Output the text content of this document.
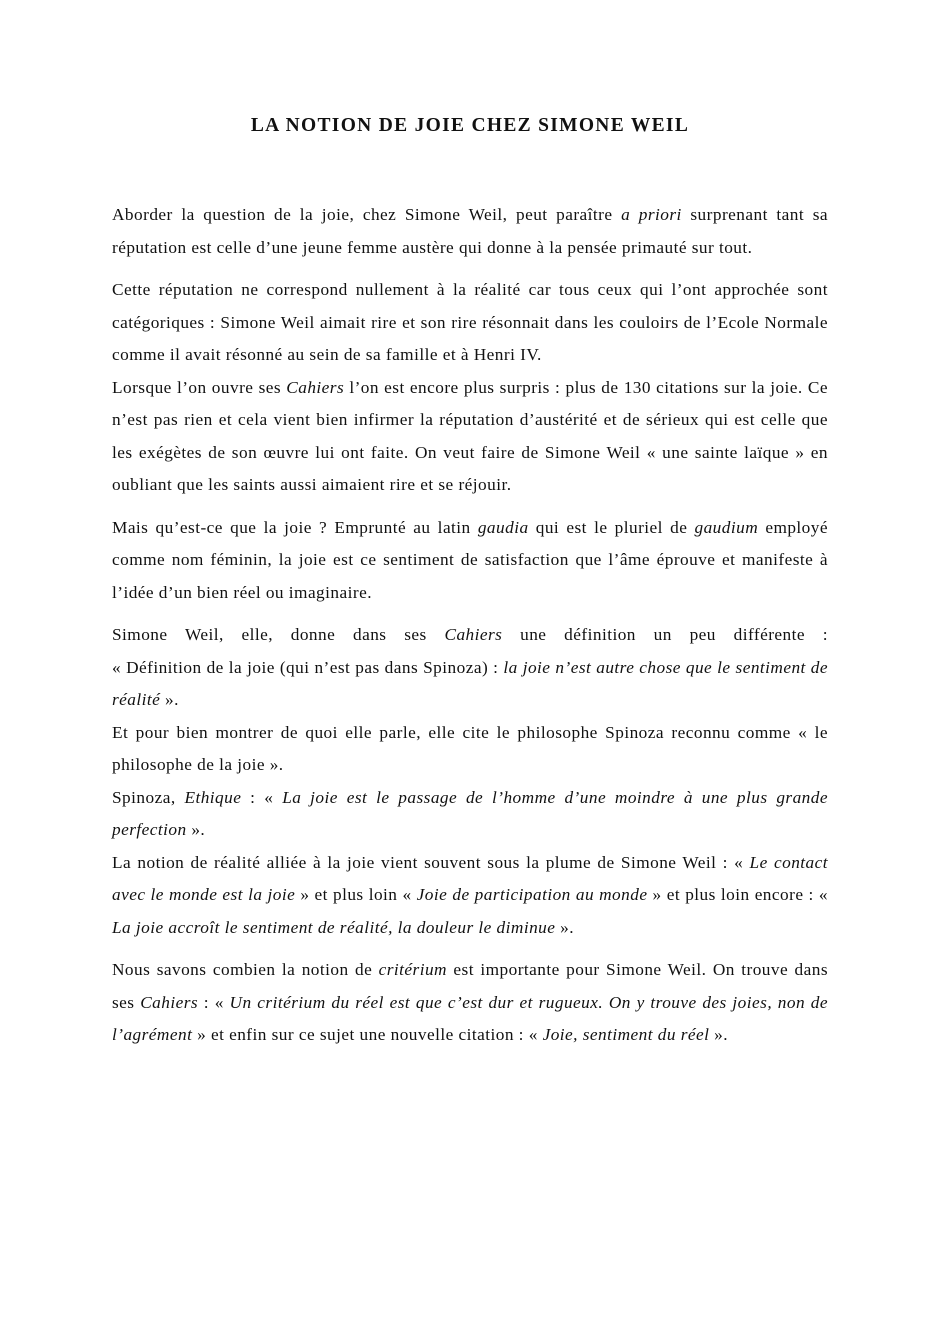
LA NOTION DE JOIE CHEZ SIMONE WEIL

Aborder la question de la joie, chez Simone Weil, peut paraître a priori surprenant tant sa réputation est celle d’une jeune femme austère qui donne à la pensée primauté sur tout.

Cette réputation ne correspond nullement à la réalité car tous ceux qui l’ont approchée sont catégoriques : Simone Weil aimait rire et son rire résonnait dans les couloirs de l’Ecole Normale comme il avait résonné au sein de sa famille et à Henri IV.

Lorsque l’on ouvre ses Cahiers l’on est encore plus surpris : plus de 130 citations sur la joie. Ce n’est pas rien et cela vient bien infirmer la réputation d’austérité et de sérieux qui est celle que les exégètes de son œuvre lui ont faite. On veut faire de Simone Weil « une sainte laïque » en oubliant que les saints aussi aimaient rire et se réjouir.

Mais qu’est-ce que la joie ? Emprunté au latin gaudia qui est le pluriel de gaudium employé comme nom féminin, la joie est ce sentiment de satisfaction que l’âme éprouve et manifeste à l’idée d’un bien réel ou imaginaire.

Simone Weil, elle, donne dans ses Cahiers une définition un peu différente :

« Définition de la joie (qui n’est pas dans Spinoza) : la joie n’est autre chose que le sentiment de réalité ».

Et pour bien montrer de quoi elle parle, elle cite le philosophe Spinoza reconnu comme « le philosophe de la joie ».

Spinoza, Ethique : « La joie est le passage de l’homme d’une moindre à une plus grande perfection ».

La notion de réalité alliée à la joie vient souvent sous la plume de Simone Weil : « Le contact avec le monde est la joie » et plus loin « Joie de participation au monde » et plus loin encore : « La joie accroît le sentiment de réalité, la douleur le diminue ».

Nous savons combien la notion de critérium est importante pour Simone Weil. On trouve dans ses Cahiers : « Un critérium du réel est que c’est dur et rugueux. On y trouve des joies, non de l’agrément » et enfin sur ce sujet une nouvelle citation : « Joie, sentiment du réel ».
